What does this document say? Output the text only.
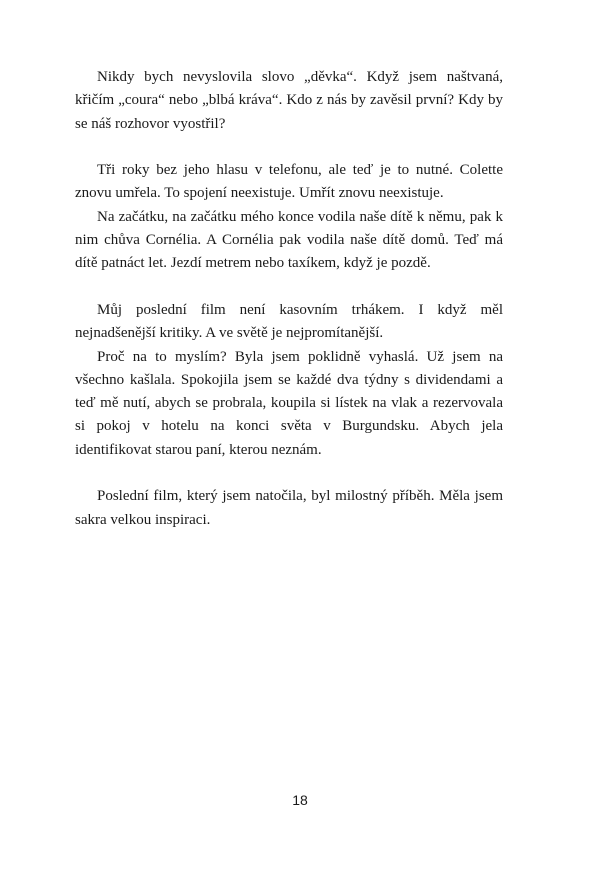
Nikdy bych nevyslovila slovo „děvka“. Když jsem naštvaná, křičím „coura“ nebo „blbá kráva“. Kdo z nás by zavěsil první? Kdy by se náš rozhovor vyostřil?

Tři roky bez jeho hlasu v telefonu, ale teď je to nutné. Colette znovu umřela. To spojení neexistuje. Umřít znovu neexistuje.

Na začátku, na začátku mého konce vodila naše dítě k němu, pak k nim chůva Cornélia. A Cornélia pak vodila naše dítě domů. Teď má dítě patnáct let. Jezdí metrem nebo taxíkem, když je pozdě.

Můj poslední film není kasovním trhákem. I když měl nejnadšenější kritiky. A ve světě je nejpromítanější.

Proč na to myslím? Byla jsem poklidně vyhaslá. Už jsem na všechno kašlala. Spokojila jsem se každé dva týdny s dividendami a teď mě nutí, abych se probrala, koupila si lístek na vlak a rezervovala si pokoj v hotelu na konci světa v Burgundsku. Abych jela identifikovat starou paní, kterou neznám.

Poslední film, který jsem natočila, byl milostný příběh. Měla jsem sakra velkou inspiraci.

18
